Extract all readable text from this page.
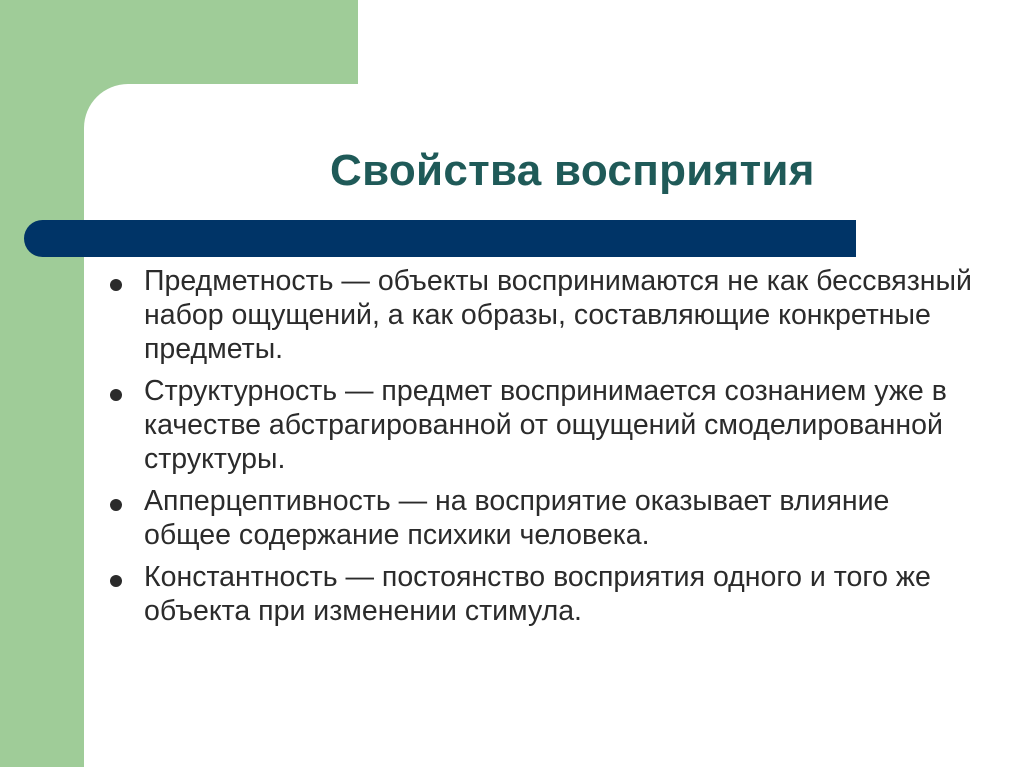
Свойства восприятия
Предметность — объекты воспринимаются не как бессвязный набор ощущений, а как образы, составляющие конкретные предметы.
Структурность — предмет воспринимается сознанием уже в качестве абстрагированной от ощущений смоделированной структуры.
Апперцептивность — на восприятие оказывает влияние общее содержание психики человека.
Константность — постоянство восприятия одного и того же объекта при изменении стимула.
